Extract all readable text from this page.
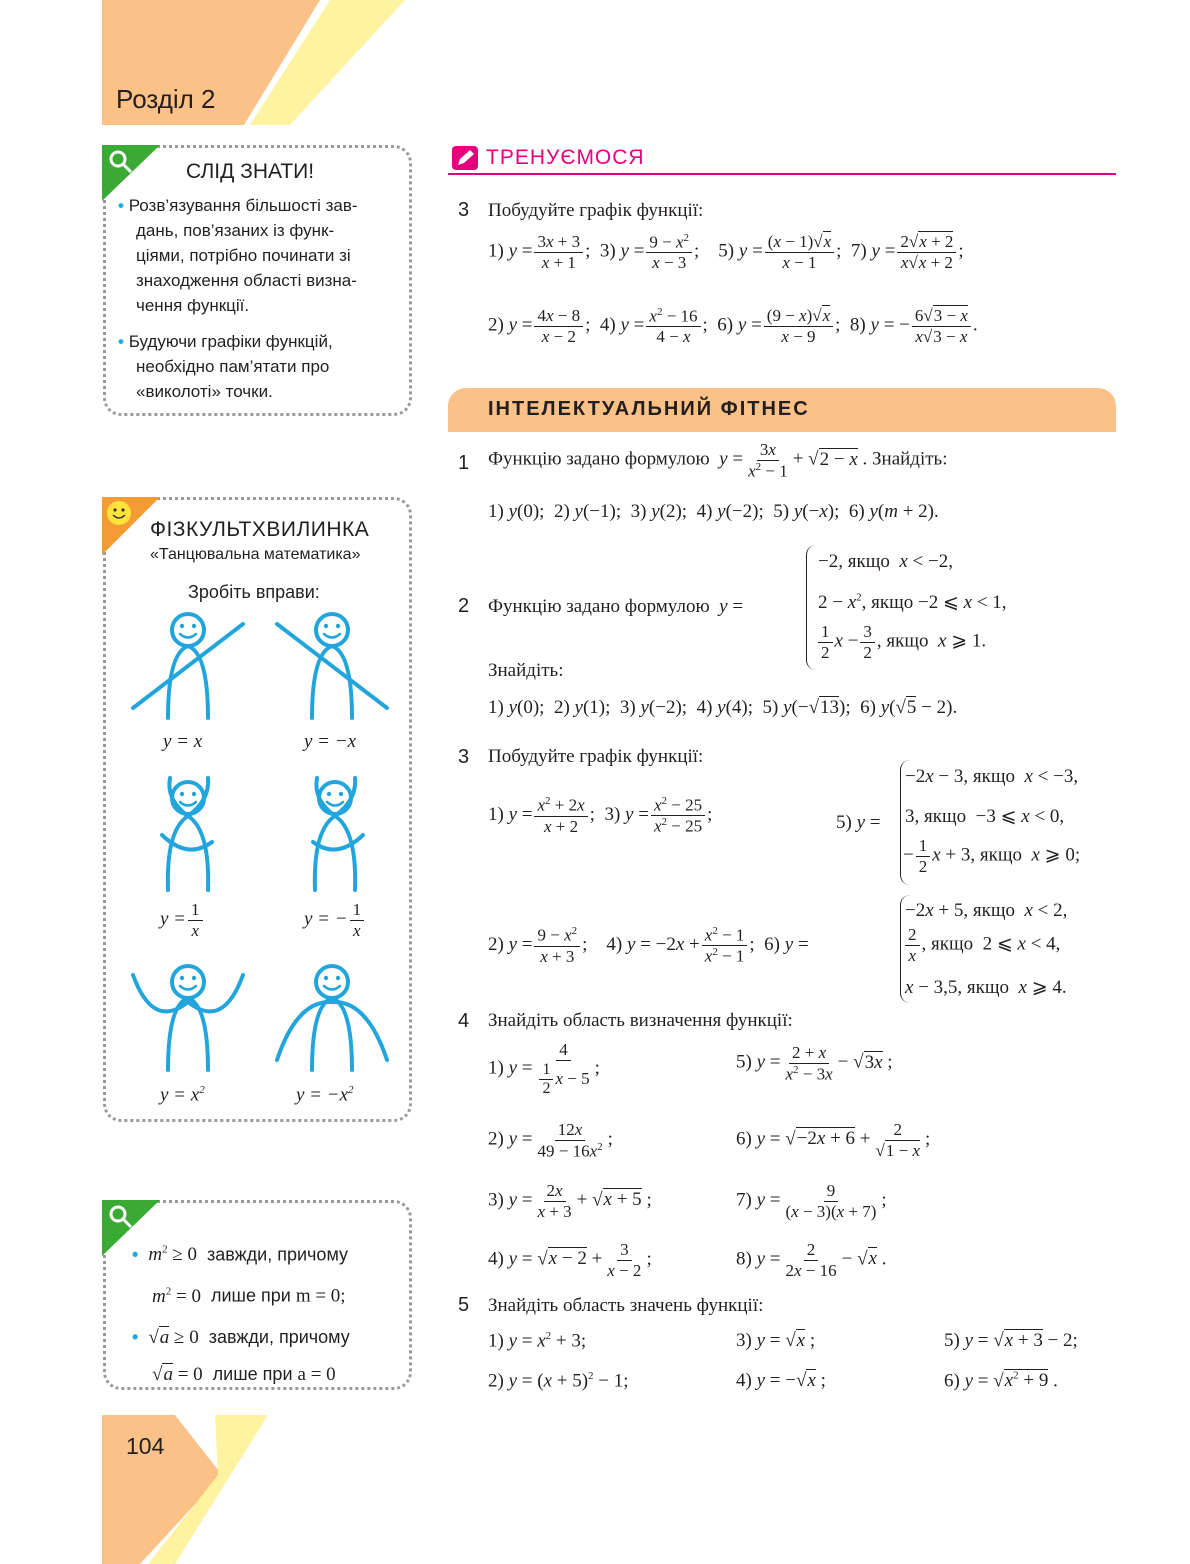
Розділ 2
104
СЛІД ЗНАТИ!
• Розв’язування більшості зав-
дань, пов’язаних із функ-
ціями, потрібно починати зі
знаходження області визна-
чення функції.
• Будуючи графіки функцій,
необхідно пам’ятати про
«виколоті» точки.
ФІЗКУЛЬТХВИЛИНКА
«Танцювальна математика»
Зробіть вправи:
y = x	y = −x
$y = \frac{1}{x}$	y = − $\frac{1}{x}$
$y = x^2$	$y = -x^2$
• $m^2 \ge 0$ завжди, причому
$m^2 = 0$ лише при m = 0;
• √a ≥ 0 завжди, причому
√a = 0 лише при a = 0
ТРЕНУЄМОСЯ
3 Побудуйте графік функції:
1) $y = \frac{3x + 3}{x + 1}$ ;  3) $y = \frac{9 - x^2}{x - 3}$ ;    5) $y = \frac{(x - 1)√x}{x - 1}$ ;  7) $y = \frac{2√x + 2}{x√x + 2}$ ;
2) $y = \frac{4x - 8}{x - 2}$ ;  4) $y = \frac{x^2 - 16}{4 - x}$ ;  6) $y = \frac{(9 - x)√x}{x - 9}$ ;  8) y = − $\frac{6√3 - x}{x√3 - x}$ .
ІНТЕЛЕКТУАЛЬНИЙ ФІТНЕС
1 Функцію задано формулою $y = \frac{3x}{x^2 - 1} + √2 - x$ . Знайдіть:
1) y(0);  2) y(−1);  3) y(2);  4) y(−2);  5) y(−x);  6) y(m + 2).
2 Функцію задано формулою y =
−2, якщо x < −2,
$2 - x^2$, якщо −2 ⩽ x < 1,
$\frac{1}{2}$ $x - \frac{3}{2}$ , якщо x ⩾ 1.
Знайдіть:
1) y(0);  2) y(1);  3) y(−2);  4) y(4);  5) y(−√13);  6) y(√5 − 2).
3 Побудуйте графік функції:
1) $y = \frac{x^2 + 2x}{x + 2}$ ;  3) $y = \frac{x^2 - 25}{x^2 - 25}$ ;	5) y =
−2x − 3, якщо x < −3,
3, якщо  −3 ⩽ x < 0,
− $\frac{1}{2}$ x + 3, якщо x ⩾ 0;
2) $y = \frac{9 - x^2}{x + 3}$ ;    4) $y = -2x + \frac{x^2 - 1}{x^2 - 1}$ ;  6) y =
−2x + 5, якщо x < 2,
$\frac{2}{x}$ , якщо  2 ⩽ x < 4,
x − 3,5, якщо x ⩾ 4.
4 Знайдіть область визначення функції:
1) $y = \frac{4}{\frac{1}{2} x - 5}$ ;	5) $y = \frac{2 + x}{x^2 - 3x} - √3x$ ;
2) $y = \frac{12x}{49 - 16x^2}$ ;	6) $y = √-2x + 6 + \frac{2}{√1 - x}$ ;
3) $y = \frac{2x}{x + 3} + √x + 5$ ;	7) $y = \frac{9}{(x - 3)(x + 7)}$ ;
4) $y = √x - 2 + \frac{3}{x - 2}$ ;	8) $y = \frac{2}{2x - 16} - √x$ .
5 Знайдіть область значень функції:
1) $y = x^2 + 3$;	3) y = √x ;	5) y = √x + 3 − 2;
2) $y = (x + 5)^2 - 1$;	4) y = −√x ;	6) $y = √x^2 + 9$ .
